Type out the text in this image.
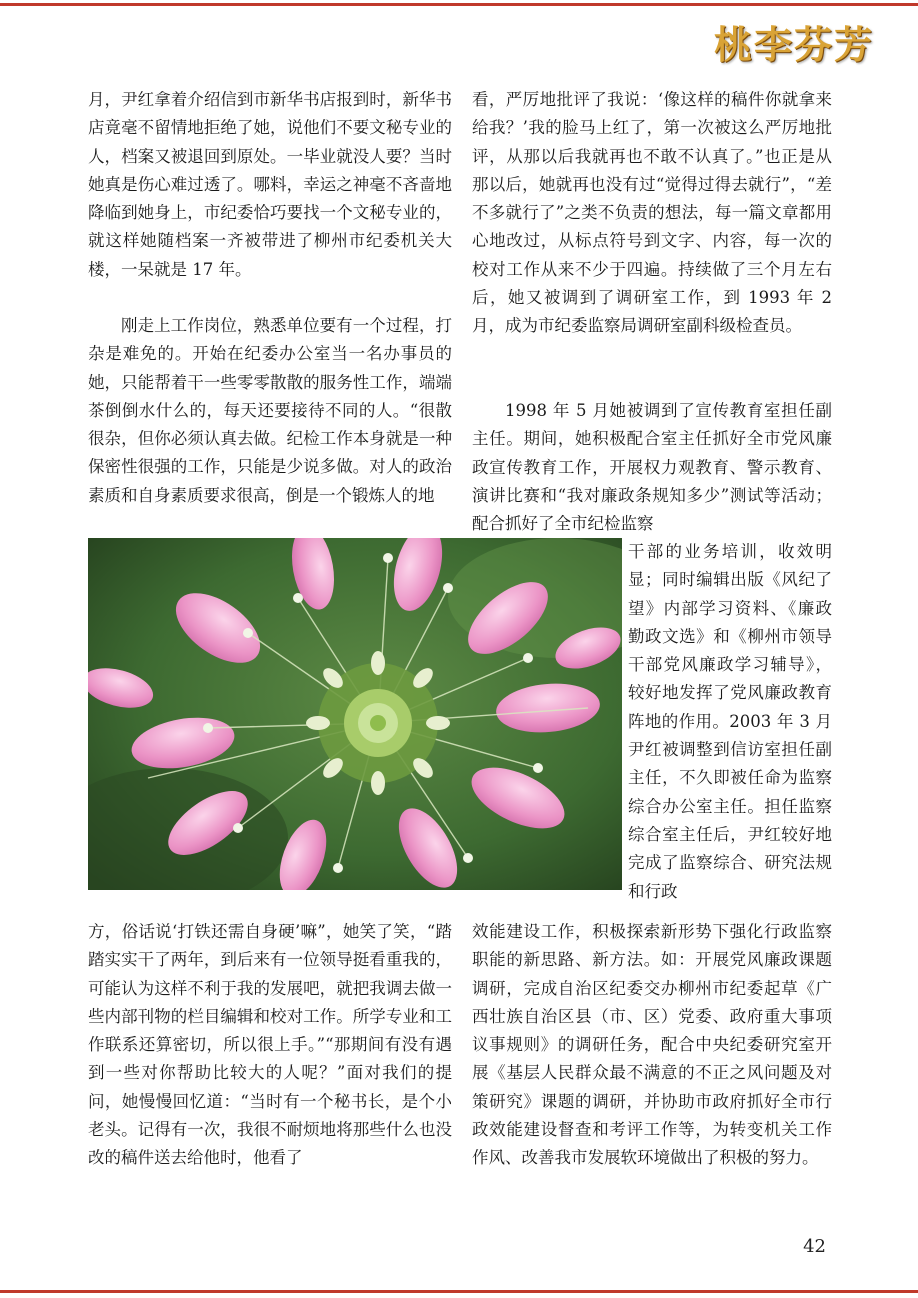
桃李芬芳

月，尹红拿着介绍信到市新华书店报到时，新华书店竟毫不留情地拒绝了她，说他们不要文秘专业的人，档案又被退回到原处。一毕业就没人要？当时她真是伤心难过透了。哪料，幸运之神毫不吝啬地降临到她身上，市纪委恰巧要找一个文秘专业的，就这样她随档案一齐被带进了柳州市纪委机关大楼，一呆就是 17 年。

刚走上工作岗位，熟悉单位要有一个过程，打杂是难免的。开始在纪委办公室当一名办事员的她，只能帮着干一些零零散散的服务性工作，端端茶倒倒水什么的，每天还要接待不同的人。“很散很杂，但你必须认真去做。纪检工作本身就是一种保密性很强的工作，只能是少说多做。对人的政治素质和自身素质要求很高，倒是一个锻炼人的地

看，严厉地批评了我说：‘像这样的稿件你就拿来给我？’我的脸马上红了，第一次被这么严厉地批评，从那以后我就再也不敢不认真了。”也正是从那以后，她就再也没有过“觉得过得去就行”，“差不多就行了”之类不负责的想法，每一篇文章都用心地改过，从标点符号到文字、内容，每一次的校对工作从来不少于四遍。持续做了三个月左右后，她又被调到了调研室工作，到 1993 年 2 月，成为市纪委监察局调研室副科级检查员。

1998 年 5 月她被调到了宣传教育室担任副主任。期间，她积极配合室主任抓好全市党风廉政宣传教育工作，开展权力观教育、警示教育、演讲比赛和“我对廉政条规知多少”测试等活动；配合抓好了全市纪检监察

干部的业务培训，收效明显；同时编辑出版《风纪了望》内部学习资料、《廉政勤政文选》和《柳州市领导干部党风廉政学习辅导》，较好地发挥了党风廉政教育阵地的作用。2003 年 3 月尹红被调整到信访室担任副主任，不久即被任命为监察综合办公室主任。担任监察综合室主任后，尹红较好地完成了监察综合、研究法规和行政

方，俗话说‘打铁还需自身硬’嘛”，她笑了笑，“踏踏实实干了两年，到后来有一位领导挺看重我的，可能认为这样不利于我的发展吧，就把我调去做一些内部刊物的栏目编辑和校对工作。所学专业和工作联系还算密切，所以很上手。”“那期间有没有遇到一些对你帮助比较大的人呢？”面对我们的提问，她慢慢回忆道：“当时有一个秘书长，是个小老头。记得有一次，我很不耐烦地将那些什么也没改的稿件送去给他时，他看了

效能建设工作，积极探索新形势下强化行政监察职能的新思路、新方法。如：开展党风廉政课题调研，完成自治区纪委交办柳州市纪委起草《广西壮族自治区县（市、区）党委、政府重大事项议事规则》的调研任务，配合中央纪委研究室开展《基层人民群众最不满意的不正之风问题及对策研究》课题的调研，并协助市政府抓好全市行政效能建设督查和考评工作等，为转变机关工作作风、改善我市发展软环境做出了积极的努力。

42
